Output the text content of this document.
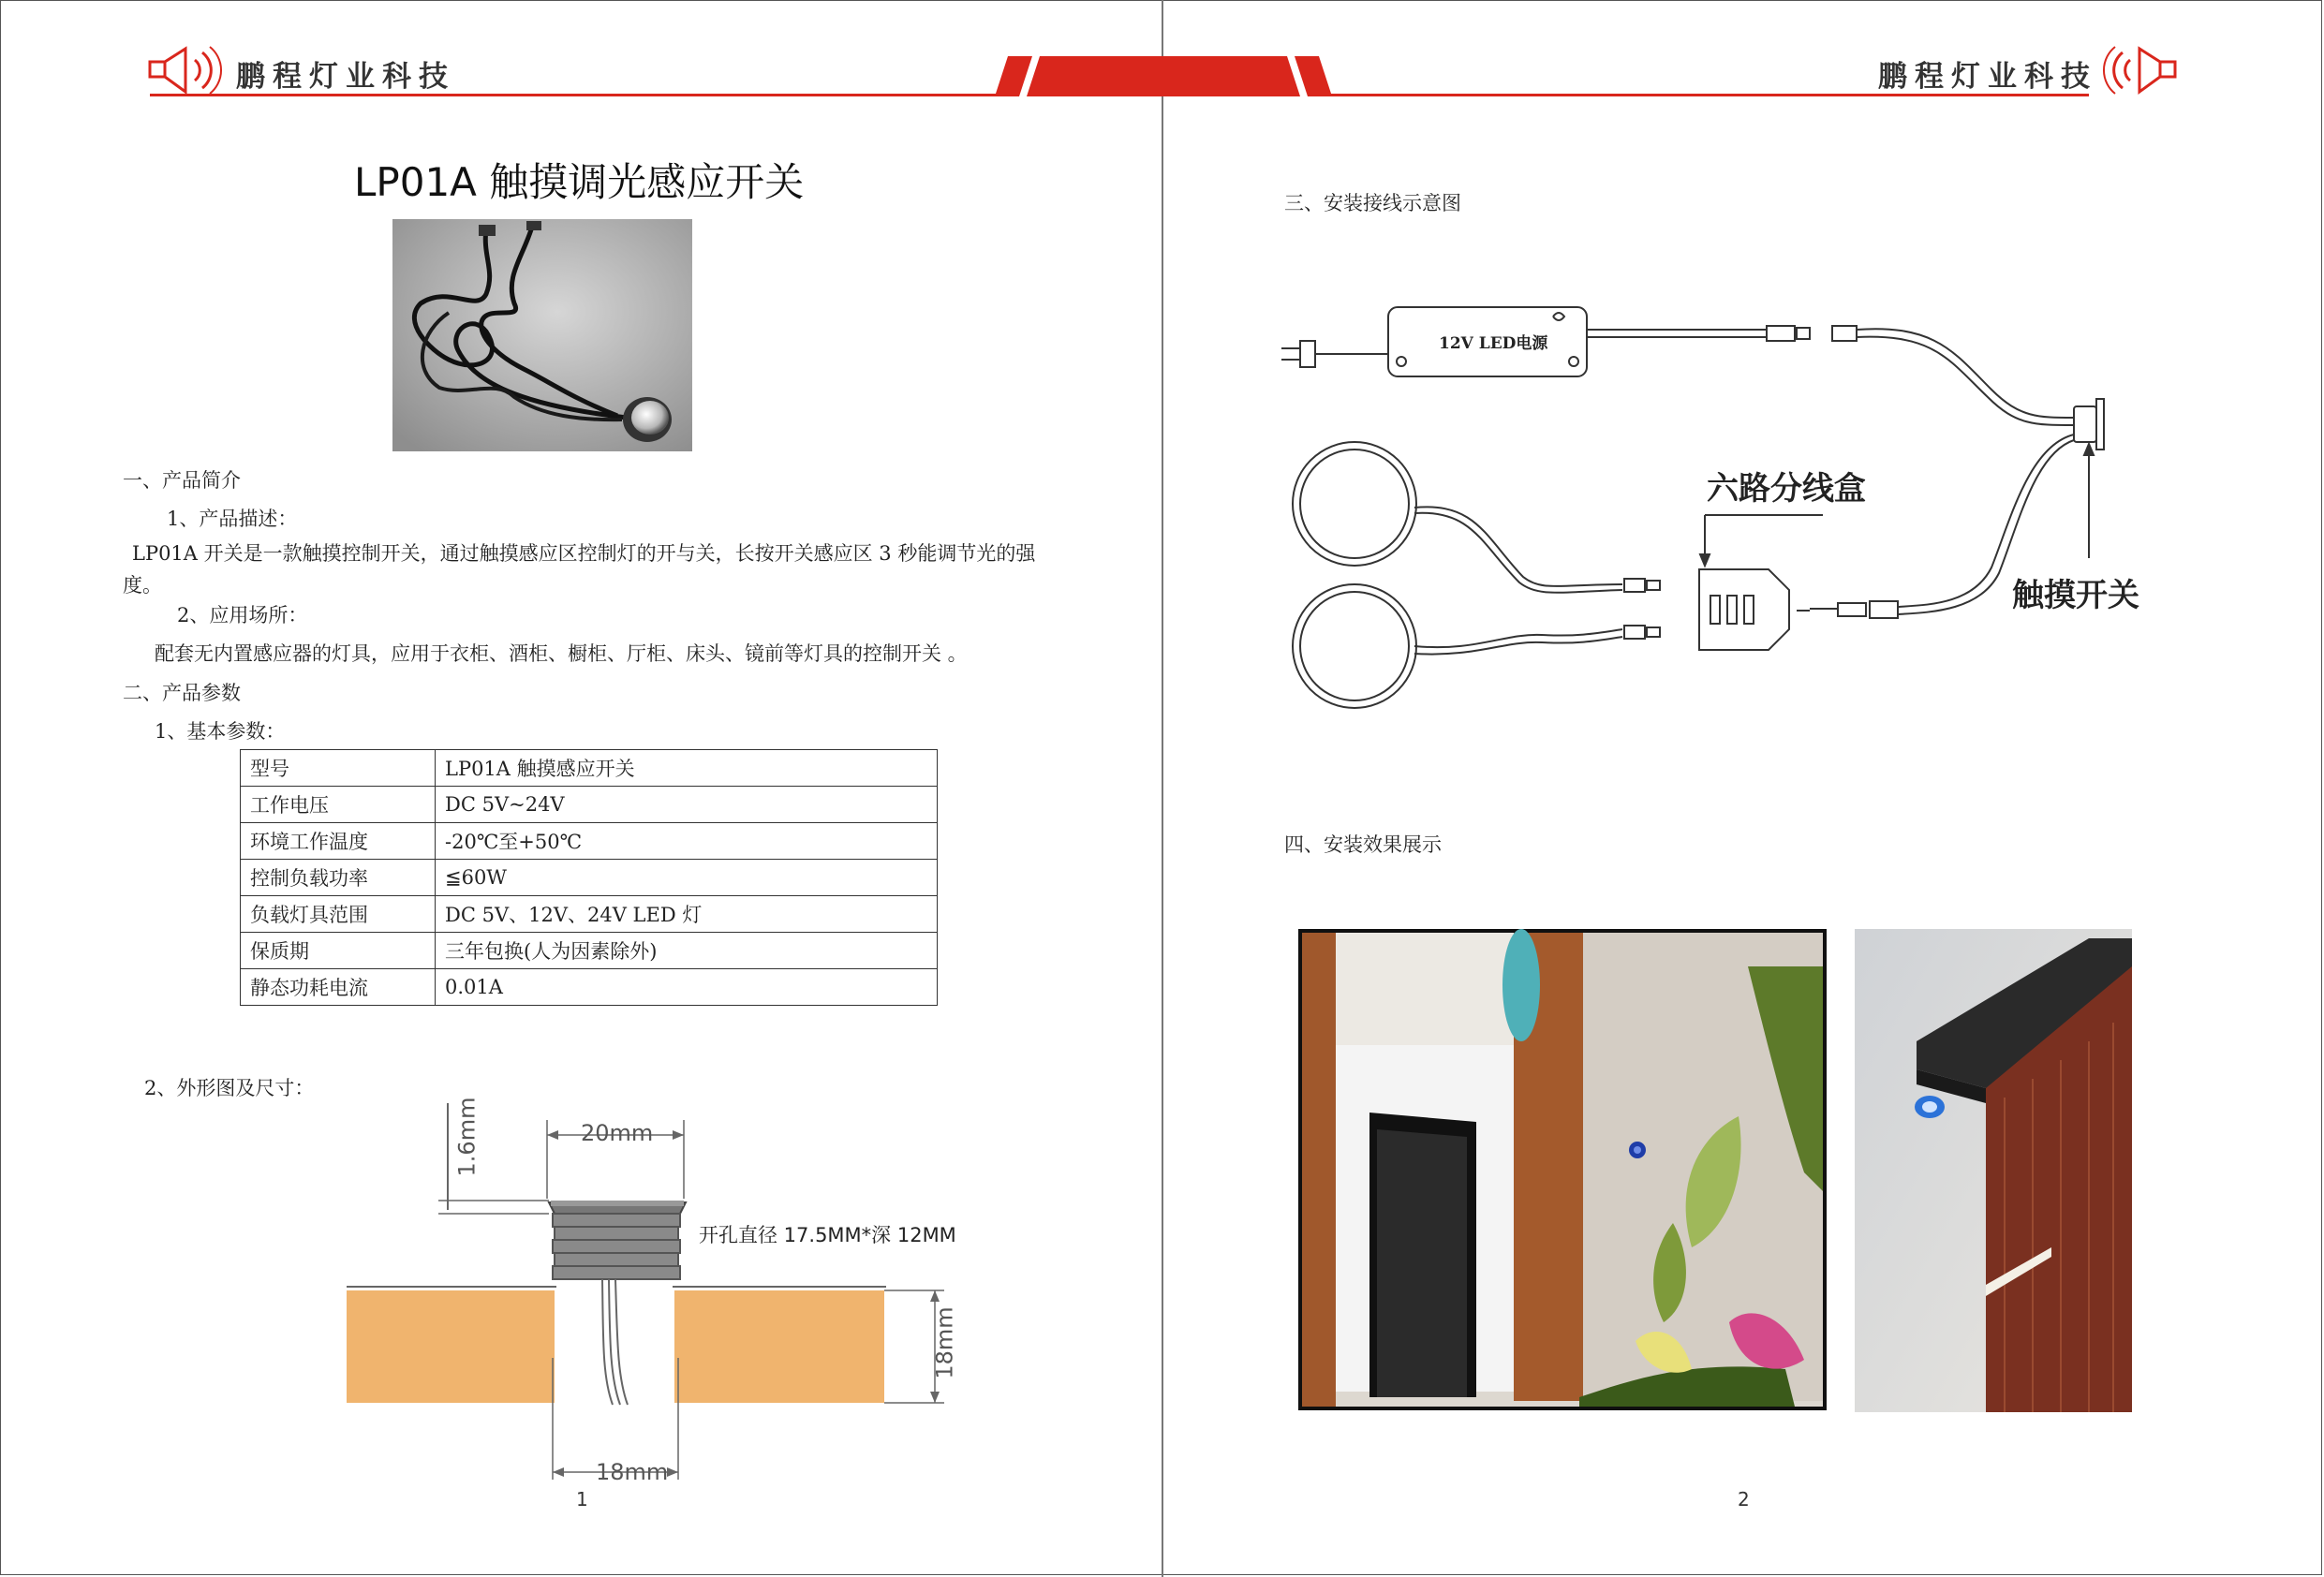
鹏程灯业科技	鹏程灯业科技
LP01A 触摸调光感应开关
一、产品简介
1、产品描述：
LP01A 开关是一款触摸控制开关，通过触摸感应区控制灯的开与关，长按开关感应区 3 秒能调节光的强度。
2、应用场所：
配套无内置感应器的灯具，应用于衣柜、酒柜、橱柜、厅柜、床头、镜前等灯具的控制开关 。
二、产品参数
1、基本参数：
型号	LP01A 触摸感应开关
工作电压	DC 5V~24V
环境工作温度	-20℃至+50℃
控制负载功率	≦60W
负载灯具范围	DC 5V、12V、24V LED 灯
保质期	三年包换(人为因素除外)
静态功耗电流	0.01A
2、外形图及尺寸：
1.6mm	20mm
开孔直径 17.5MM*深 12MM
18mm
18mm
1
三、安装接线示意图
12V LED电源
六路分线盒
触摸开关
四、安装效果展示
2
